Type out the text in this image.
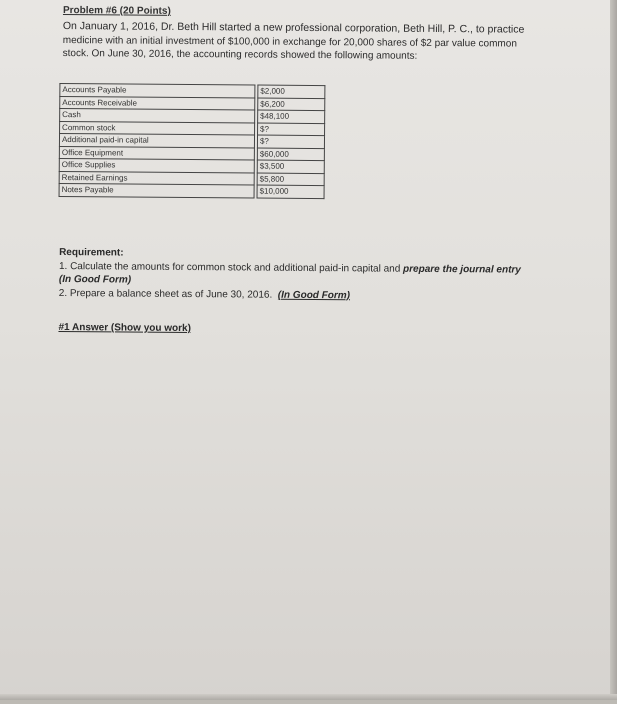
Problem #6 (20 Points)
On January 1, 2016, Dr. Beth Hill started a new professional corporation, Beth Hill, P. C., to practice
medicine with an initial investment of $100,000 in exchange for 20,000 shares of $2 par value common
stock. On June 30, 2016, the accounting records showed the following amounts:
Accounts Payable		$2,000
Accounts Receivable		$6,200
Cash		$48,100
Common stock		$?
Additional paid-in capital		$?
Office Equipment		$60,000
Office Supplies		$3,500
Retained Earnings		$5,800
Notes Payable		$10,000
Requirement:
1. Calculate the amounts for common stock and additional paid-in capital and prepare the journal entry
(In Good Form)
2. Prepare a balance sheet as of June 30, 2016. (In Good Form)
#1 Answer (Show you work)
